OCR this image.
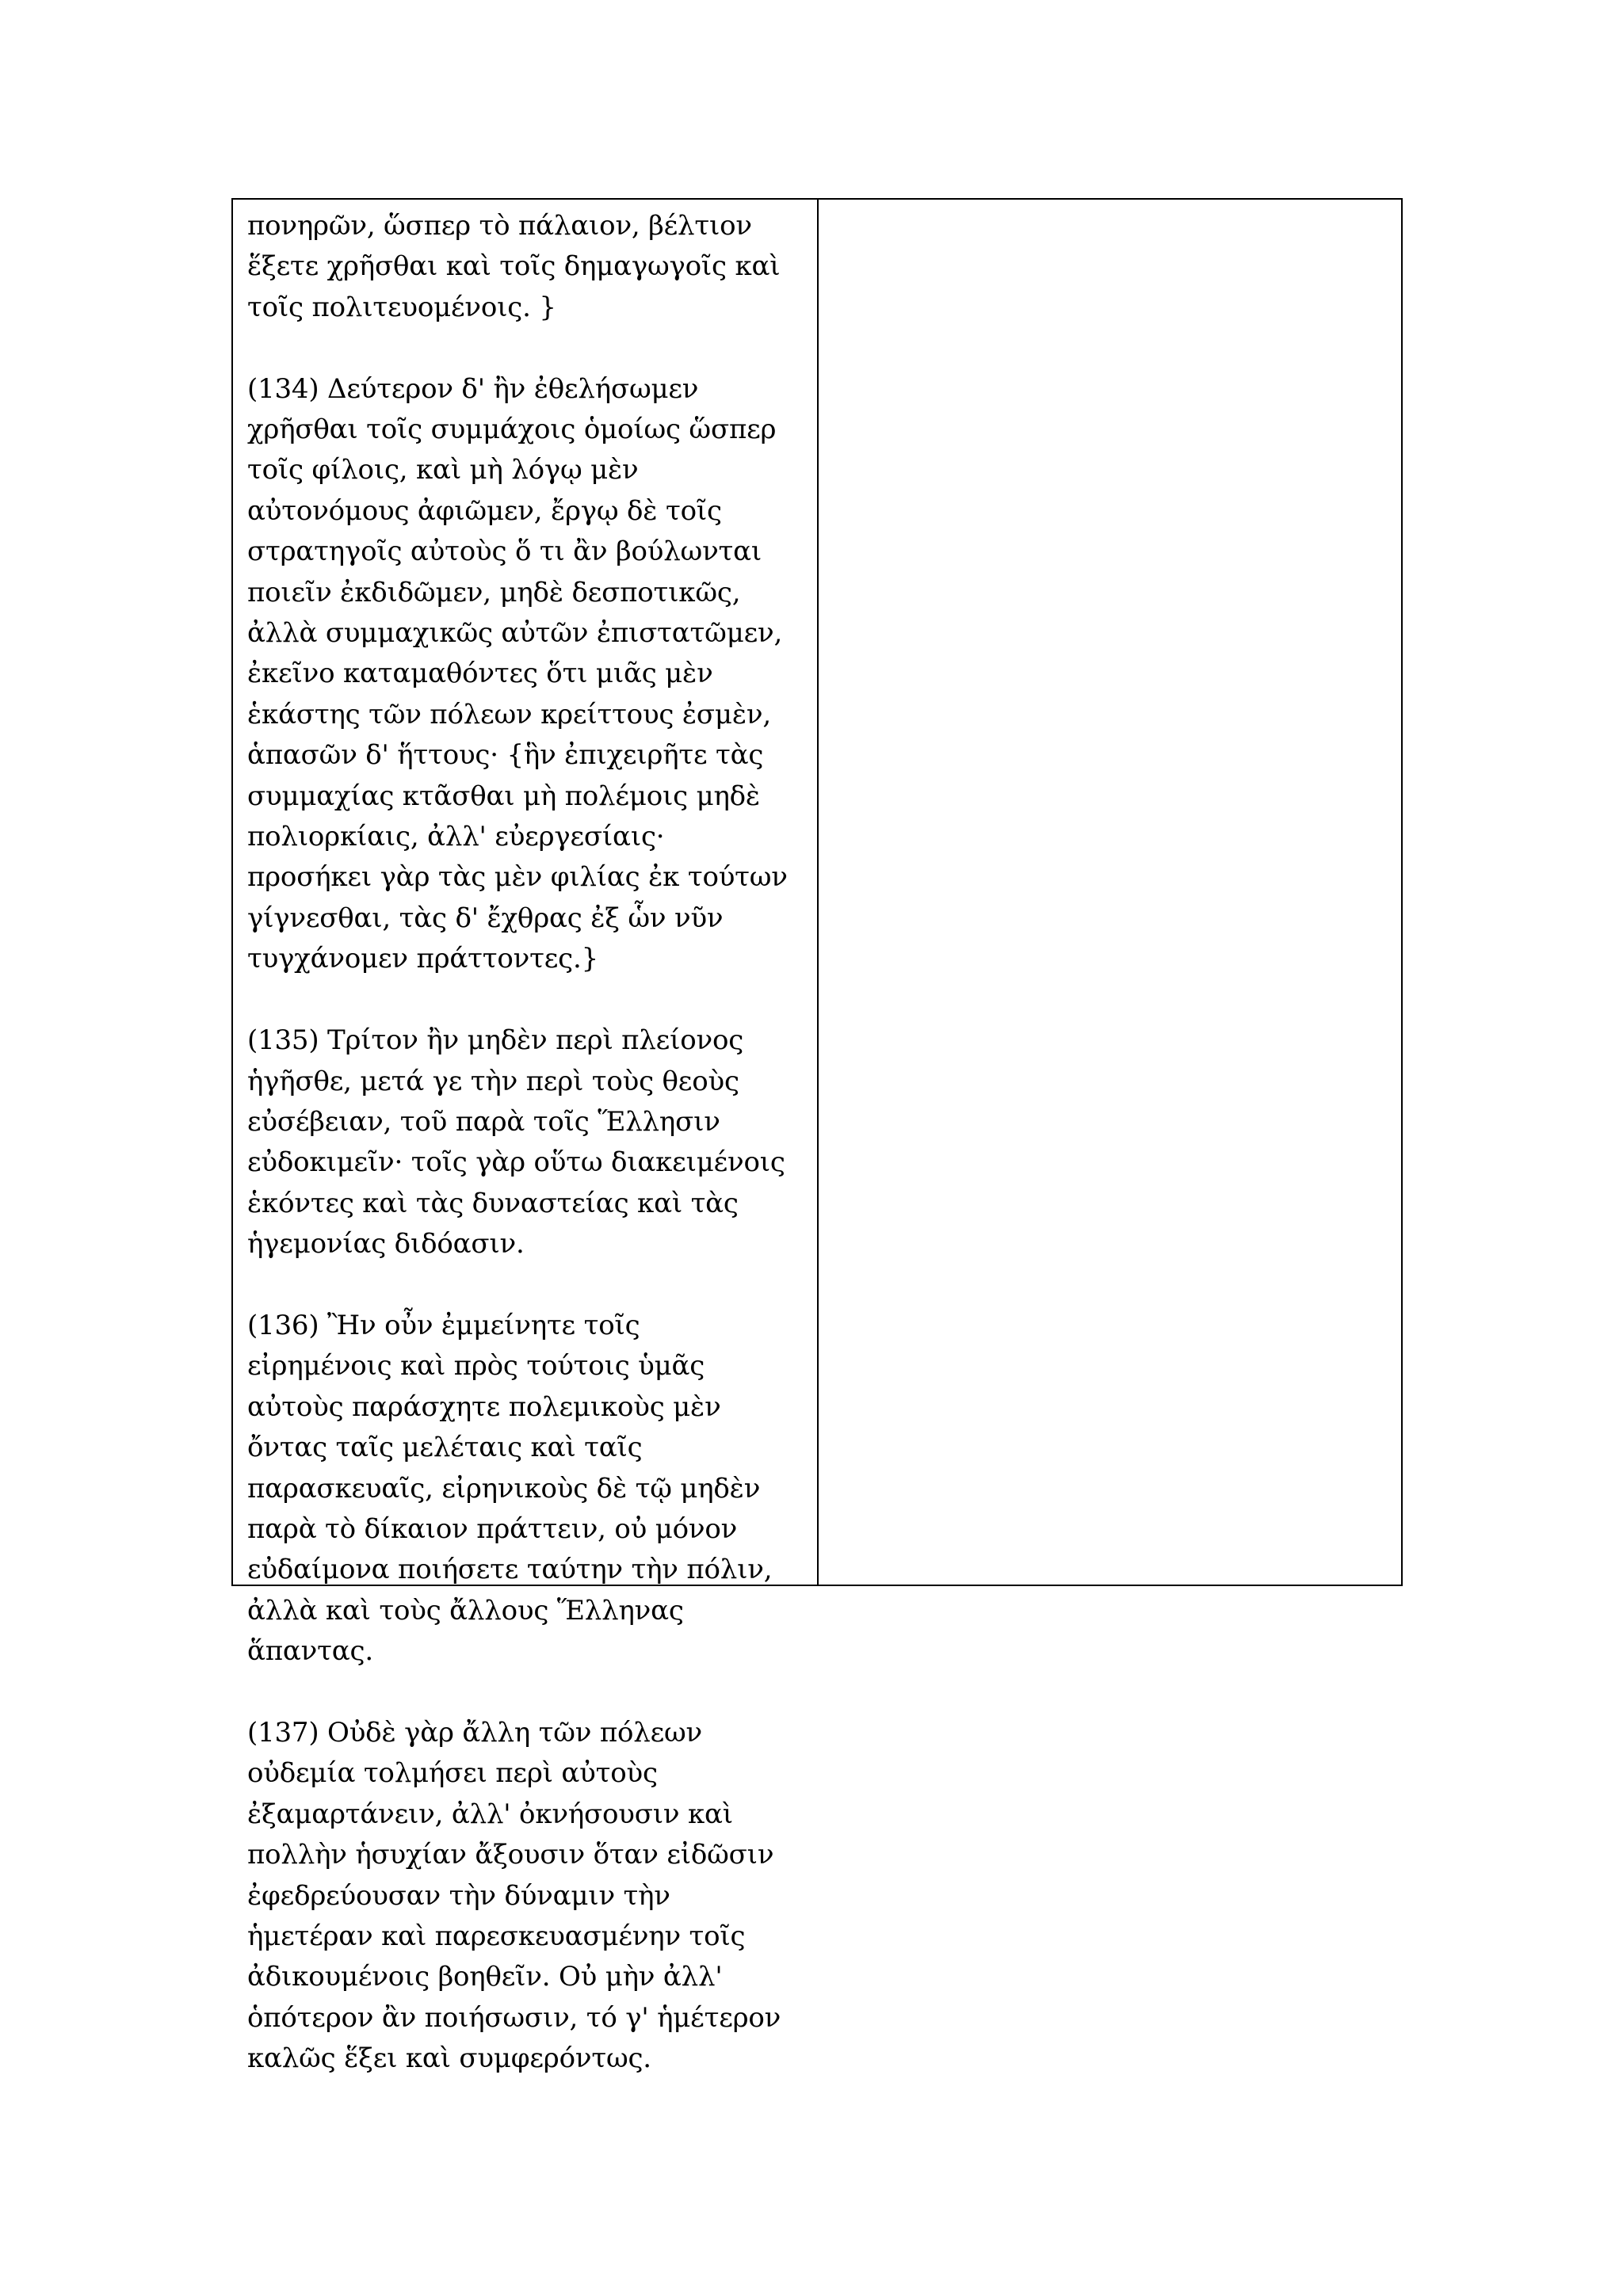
πονηρῶν, ὥσπερ τὸ πάλαιον, βέλτιον
ἕξετε χρῆσθαι καὶ τοῖς δημαγωγοῖς καὶ
τοῖς πολιτευομένοις. }

(134) Δεύτερον δ' ἢν ἐθελήσωμεν
χρῆσθαι τοῖς συμμάχοις ὁμοίως ὥσπερ
τοῖς φίλοις, καὶ μὴ λόγῳ μὲν
αὐτονόμους ἀφιῶμεν, ἔργῳ δὲ τοῖς
στρατηγοῖς αὐτοὺς ὅ τι ἂν βούλωνται
ποιεῖν ἐκδιδῶμεν, μηδὲ δεσποτικῶς,
ἀλλὰ συμμαχικῶς αὐτῶν ἐπιστατῶμεν,
ἐκεῖνο καταμαθόντες ὅτι μιᾶς μὲν
ἑκάστης τῶν πόλεων κρείττους ἐσμὲν,
ἁπασῶν δ' ἥττους· {ἣν ἐπιχειρῆτε τὰς
συμμαχίας κτᾶσθαι μὴ πολέμοις μηδὲ
πολιορκίαις, ἀλλ' εὐεργεσίαις·
προσήκει γὰρ τὰς μὲν φιλίας ἐκ τούτων
γίγνεσθαι, τὰς δ' ἔχθρας ἐξ ὧν νῦν
τυγχάνομεν πράττοντες.}

(135) Τρίτον ἢν μηδὲν περὶ πλείονος
ἡγῆσθε, μετά γε τὴν περὶ τοὺς θεοὺς
εὐσέβειαν, τοῦ παρὰ τοῖς Ἕλλησιν
εὐδοκιμεῖν· τοῖς γὰρ οὕτω διακειμένοις
ἑκόντες καὶ τὰς δυναστείας καὶ τὰς
ἡγεμονίας διδόασιν.

(136) Ἢν οὖν ἐμμείνητε τοῖς
εἰρημένοις καὶ πρὸς τούτοις ὑμᾶς
αὐτοὺς παράσχητε πολεμικοὺς μὲν
ὄντας ταῖς μελέταις καὶ ταῖς
παρασκευαῖς, εἰρηνικοὺς δὲ τῷ μηδὲν
παρὰ τὸ δίκαιον πράττειν, οὐ μόνον
εὐδαίμονα ποιήσετε ταύτην τὴν πόλιν,
ἀλλὰ καὶ τοὺς ἄλλους Ἕλληνας
ἅπαντας.

(137) Οὐδὲ γὰρ ἄλλη τῶν πόλεων
οὐδεμία τολμήσει περὶ αὐτοὺς
ἐξαμαρτάνειν, ἀλλ' ὀκνήσουσιν καὶ
πολλὴν ἡσυχίαν ἄξουσιν ὅταν εἰδῶσιν
ἐφεδρεύουσαν τὴν δύναμιν τὴν
ἡμετέραν καὶ παρεσκευασμένην τοῖς
ἀδικουμένοις βοηθεῖν. Οὐ μὴν ἀλλ'
ὁπότερον ἂν ποιήσωσιν, τό γ' ἡμέτερον
καλῶς ἕξει καὶ συμφερόντως.
